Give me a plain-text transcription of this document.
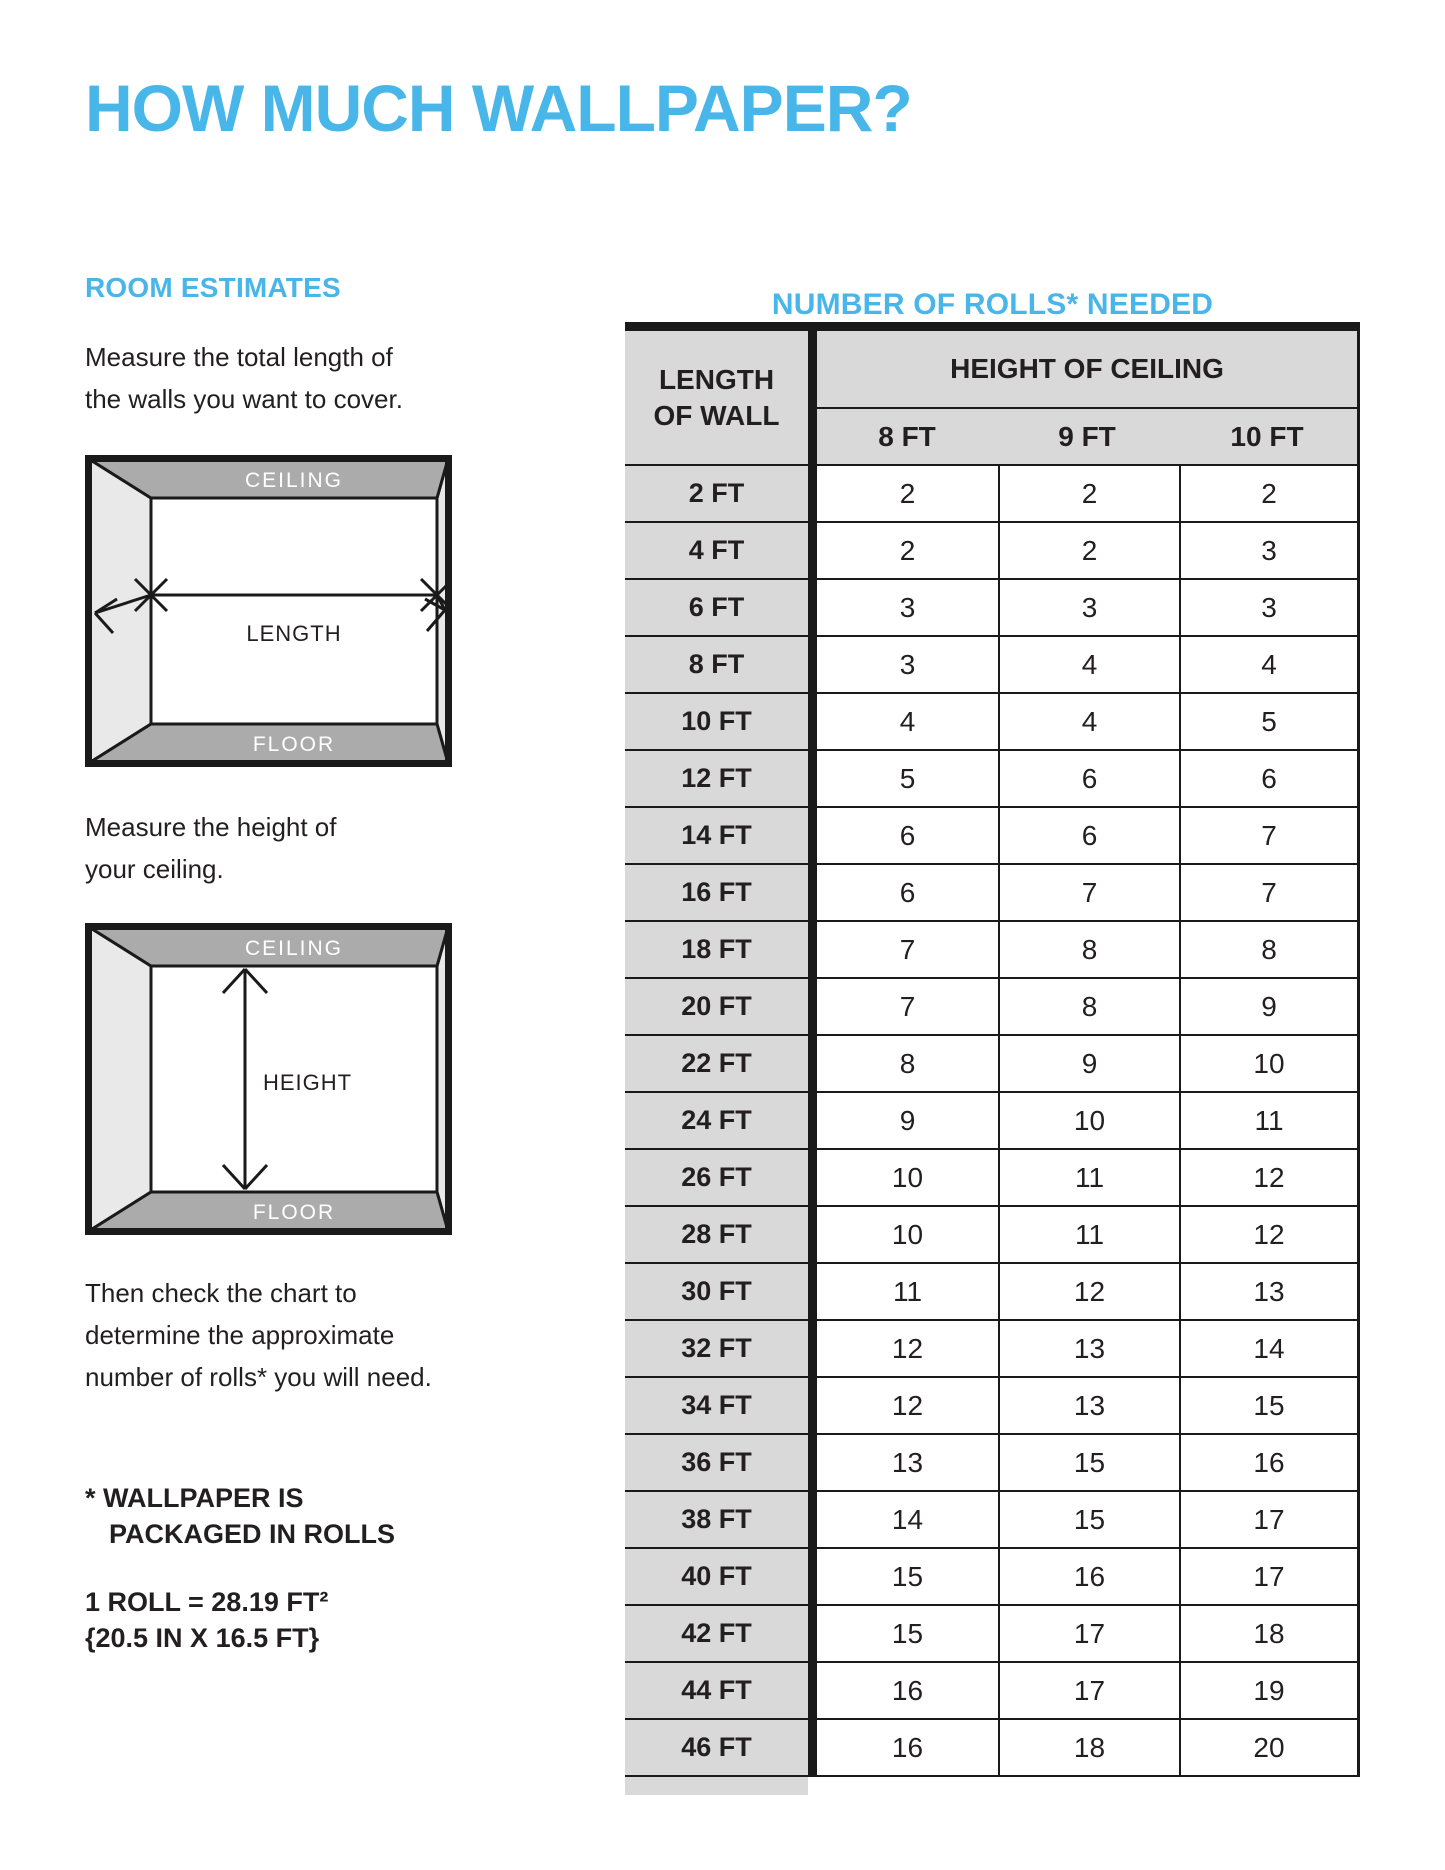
HOW MUCH WALLPAPER?
ROOM ESTIMATES
Measure the total length of
the walls you want to cover.
CEILING
FLOOR
LENGTH
Measure the height of
your ceiling.
CEILING
FLOOR
HEIGHT
Then check the chart to
determine the approximate
number of rolls* you will need.
* WALLPAPER IS
PACKAGED IN ROLLS
1 ROLL = 28.19 FT²
{20.5 IN X 16.5 FT}
NUMBER OF ROLLS* NEEDED
LENGTH
OF WALL
HEIGHT OF CEILING
8 FT	9 FT	10 FT
2 FT	2	2	2
4 FT	2	2	3
6 FT	3	3	3
8 FT	3	4	4
10 FT	4	4	5
12 FT	5	6	6
14 FT	6	6	7
16 FT	6	7	7
18 FT	7	8	8
20 FT	7	8	9
22 FT	8	9	10
24 FT	9	10	11
26 FT	10	11	12
28 FT	10	11	12
30 FT	11	12	13
32 FT	12	13	14
34 FT	12	13	15
36 FT	13	15	16
38 FT	14	15	17
40 FT	15	16	17
42 FT	15	17	18
44 FT	16	17	19
46 FT	16	18	20
